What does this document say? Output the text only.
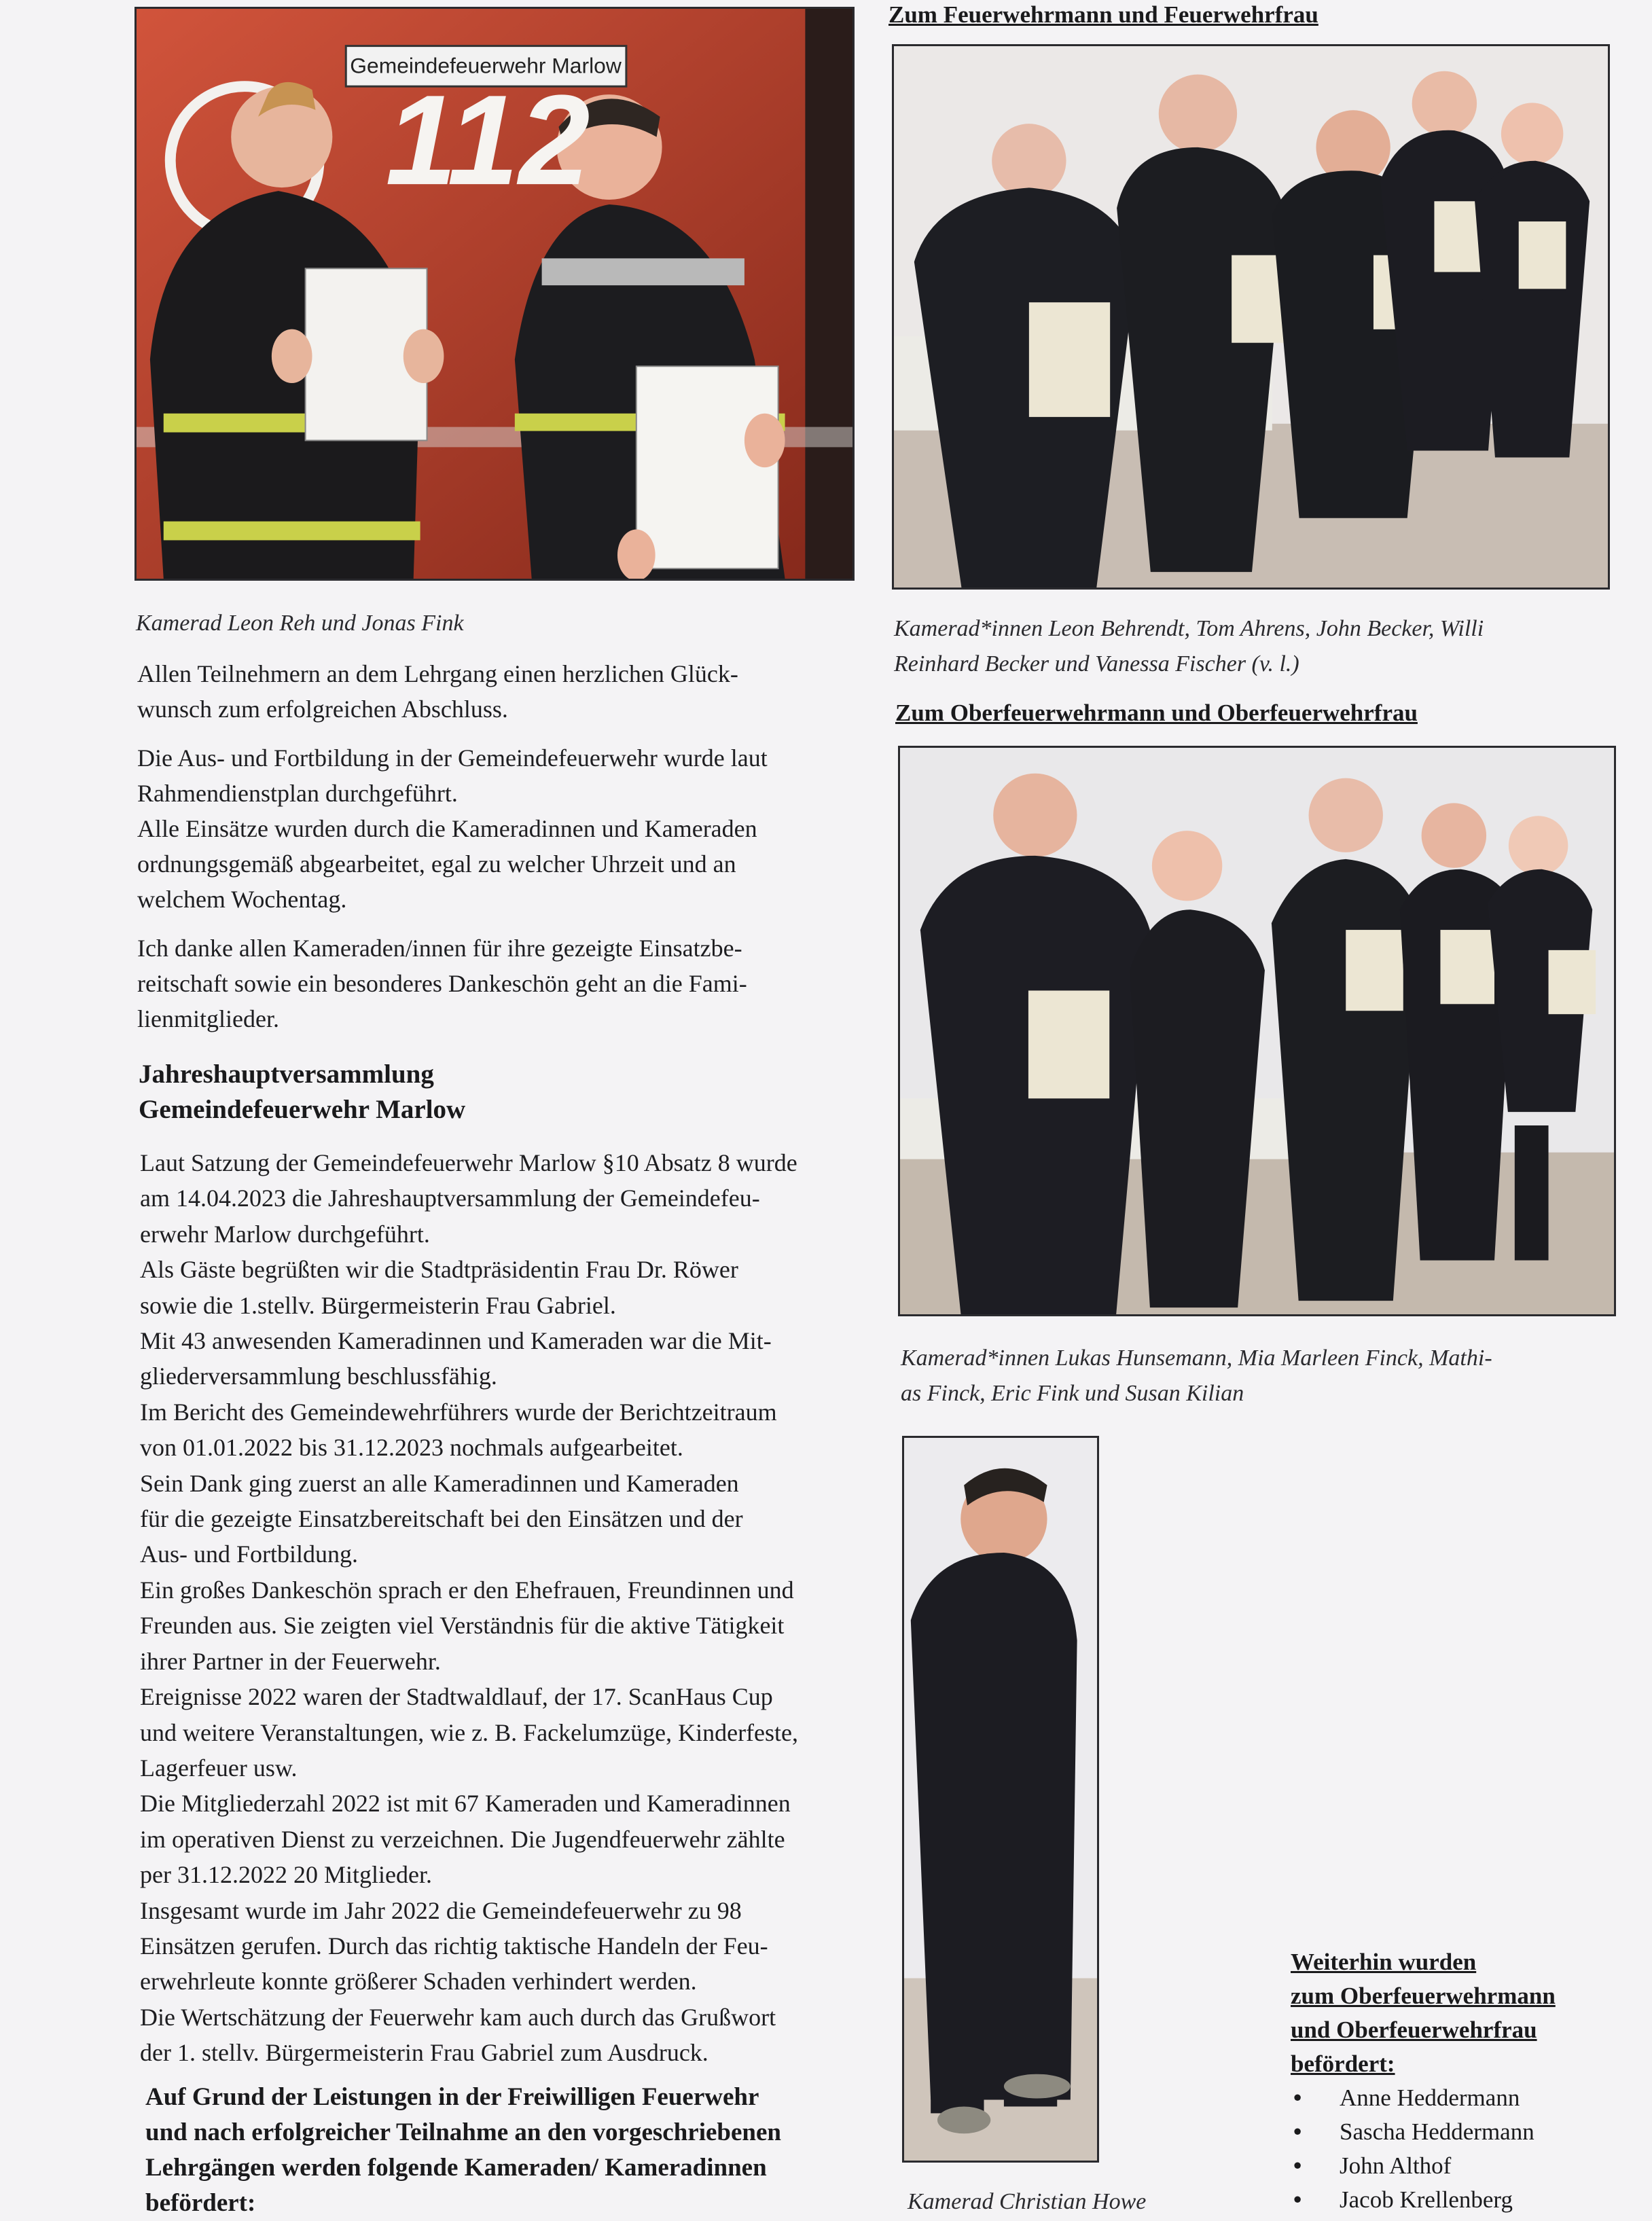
Gemeindefeuerwehr Marlow
112
Kamerad Leon Reh und Jonas Fink
Zum Feuerwehrmann und Feuerwehrfrau
Kamerad*innen Leon Behrendt, Tom Ahrens, John Becker, Willi
Reinhard Becker und Vanessa Fischer (v. l.)
Zum Oberfeuerwehrmann und Oberfeuerwehrfrau
Kamerad*innen Lukas Hunsemann, Mia Marleen Finck, Mathi-
as Finck, Eric Fink und Susan Kilian
Kamerad Christian Howe

Allen Teilnehmern an dem Lehrgang einen herzlichen Glück-

wunsch zum erfolgreichen Abschluss.

Die Aus- und Fortbildung in der Gemeindefeuerwehr wurde laut

Rahmendienstplan durchgeführt.

Alle Einsätze wurden durch die Kameradinnen und Kameraden

ordnungsgemäß abgearbeitet, egal zu welcher Uhrzeit und an

welchem Wochentag.

Ich danke allen Kameraden/innen für ihre gezeigte Einsatzbe-

reitschaft sowie ein besonderes Dankeschön geht an die Fami-

lienmitglieder.

Jahreshauptversammlung
Gemeindefeuerwehr Marlow
Laut Satzung der Gemeindefeuerwehr Marlow §10 Absatz 8 wurde
am 14.04.2023 die Jahreshauptversammlung der Gemeindefeu-
erwehr Marlow durchgeführt.
Als Gäste begrüßten wir die Stadtpräsidentin Frau Dr. Röwer
sowie die 1.stellv. Bürgermeisterin Frau Gabriel.
Mit 43 anwesenden Kameradinnen und Kameraden war die Mit-
gliederversammlung beschlussfähig.
Im Bericht des Gemeindewehrführers wurde der Berichtzeitraum
von 01.01.2022 bis 31.12.2023 nochmals aufgearbeitet.
Sein Dank ging zuerst an alle Kameradinnen und Kameraden
für die gezeigte Einsatzbereitschaft bei den Einsätzen und der
Aus- und Fortbildung.
Ein großes Dankeschön sprach er den Ehefrauen, Freundinnen und
Freunden aus. Sie zeigten viel Verständnis für die aktive Tätigkeit
ihrer Partner in der Feuerwehr.
Ereignisse 2022 waren der Stadtwaldlauf, der 17. ScanHaus Cup
und weitere Veranstaltungen, wie z. B. Fackelumzüge, Kinderfeste,
Lagerfeuer usw.
Die Mitgliederzahl 2022 ist mit 67 Kameraden und Kameradinnen
im operativen Dienst zu verzeichnen. Die Jugendfeuerwehr zählte
per 31.12.2022 20 Mitglieder.
Insgesamt wurde im Jahr 2022 die Gemeindefeuerwehr zu 98
Einsätzen gerufen. Durch das richtig taktische Handeln der Feu-
erwehrleute konnte größerer Schaden verhindert werden.
Die Wertschätzung der Feuerwehr kam auch durch das Grußwort
der 1. stellv. Bürgermeisterin Frau Gabriel zum Ausdruck.
Auf Grund der Leistungen in der Freiwilligen Feuerwehr
und nach erfolgreicher Teilnahme an den vorgeschriebenen
Lehrgängen werden folgende Kameraden/ Kameradinnen
befördert:
Weiterhin wurden
zum Oberfeuerwehrmann
und Oberfeuerwehrfrau
befördert:
• Anne Heddermann
• Sascha Heddermann
• John Althof
• Jacob Krellenberg
